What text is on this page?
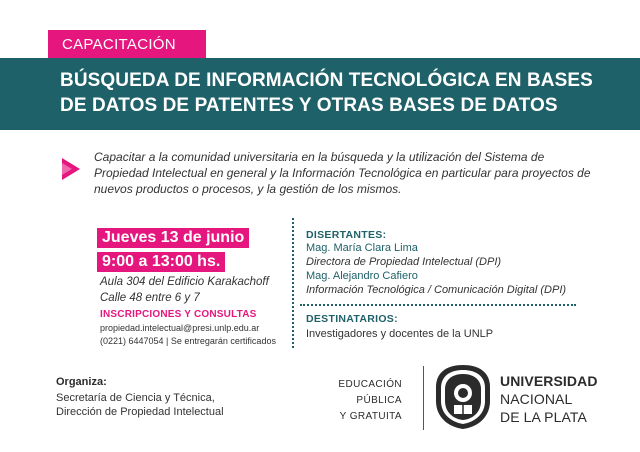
CAPACITACIÓN
BÚSQUEDA DE INFORMACIÓN TECNOLÓGICA EN BASES
DE DATOS DE PATENTES Y OTRAS BASES DE DATOS

Capacitar a la comunidad universitaria en la búsqueda y la utilización del Sistema de Propiedad Intelectual en general y la Información Tecnológica en particular para proyectos de nuevos productos o procesos, y la gestión de los mismos.

Jueves 13 de junio
9:00 a 13:00 hs.
Aula 304 del Edificio Karakachoff
Calle 48 entre 6 y 7
INSCRIPCIONES Y CONSULTAS
propiedad.intelectual@presi.unlp.edu.ar
(0221) 6447054 | Se entregarán certificados
DISERTANTES:
Mag. María Clara Lima
Directora de Propiedad Intelectual (DPI)
Mag. Alejandro Cafiero
Información Tecnológica / Comunicación Digital (DPI)
DESTINATARIOS:
Investigadores y docentes de la UNLP
Organiza:
Secretaría de Ciencia y Técnica,
Dirección de Propiedad Intelectual
EDUCACIÓN
PÚBLICA
Y GRATUITA
UNIVERSIDAD
NACIONAL
DE LA PLATA
